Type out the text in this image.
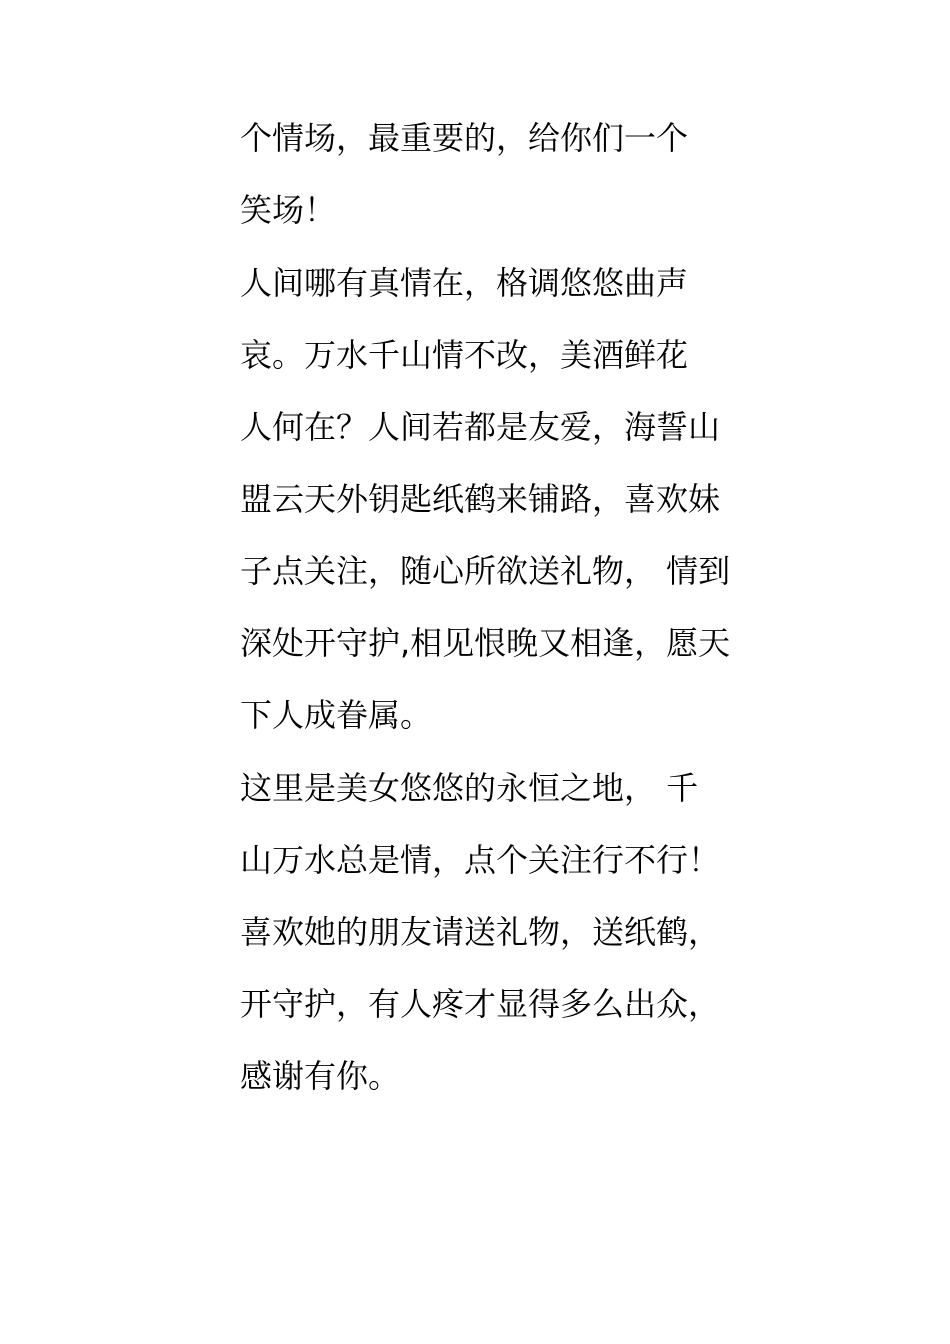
个情场，最重要的，给你们一个
笑场！

人间哪有真情在，格调悠悠曲声
哀。万水千山情不改，美酒鲜花
人何在？人间若都是友爱，海誓山
盟云天外钥匙纸鹤来铺路，喜欢妹
子点关注，随心所欲送礼物， 情到
深处开守护,相见恨晚又相逢，愿天
下人成眷属。

这里是美女悠悠的永恒之地， 千
山万水总是情，点个关注行不行！
喜欢她的朋友请送礼物，送纸鹤，
开守护，有人疼才显得多么出众，
感谢有你。
